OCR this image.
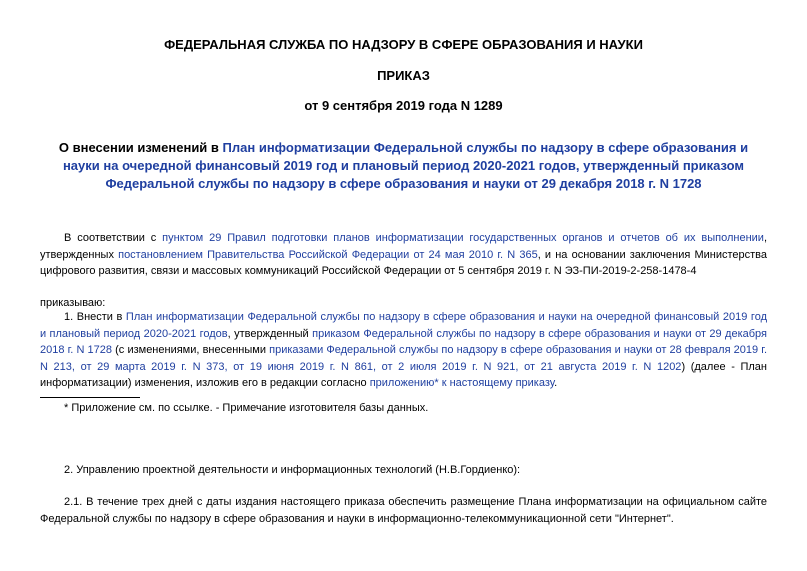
ФЕДЕРАЛЬНАЯ СЛУЖБА ПО НАДЗОРУ В СФЕРЕ ОБРАЗОВАНИЯ И НАУКИ
ПРИКАЗ
от 9 сентября 2019 года N 1289
О внесении изменений в План информатизации Федеральной службы по надзору в сфере образования и науки на очередной финансовый 2019 год и плановый период 2020-2021 годов, утвержденный приказом Федеральной службы по надзору в сфере образования и науки от 29 декабря 2018 г. N 1728
В соответствии с пунктом 29 Правил подготовки планов информатизации государственных органов и отчетов об их выполнении, утвержденных постановлением Правительства Российской Федерации от 24 мая 2010 г. N 365, и на основании заключения Министерства цифрового развития, связи и массовых коммуникаций Российской Федерации от 5 сентября 2019 г. N ЭЗ-ПИ-2019-2-258-1478-4
приказываю:
1. Внести в План информатизации Федеральной службы по надзору в сфере образования и науки на очередной финансовый 2019 год и плановый период 2020-2021 годов, утвержденный приказом Федеральной службы по надзору в сфере образования и науки от 29 декабря 2018 г. N 1728 (с изменениями, внесенными приказами Федеральной службы по надзору в сфере образования и науки от 28 февраля 2019 г. N 213, от 29 марта 2019 г. N 373, от 19 июня 2019 г. N 861, от 2 июля 2019 г. N 921, от 21 августа 2019 г. N 1202) (далее - План информатизации) изменения, изложив его в редакции согласно приложению* к настоящему приказу.
* Приложение см. по ссылке. - Примечание изготовителя базы данных.
2. Управлению проектной деятельности и информационных технологий (Н.В.Гордиенко):
2.1. В течение трех дней с даты издания настоящего приказа обеспечить размещение Плана информатизации на официальном сайте Федеральной службы по надзору в сфере образования и науки в информационно-телекоммуникационной сети "Интернет".
